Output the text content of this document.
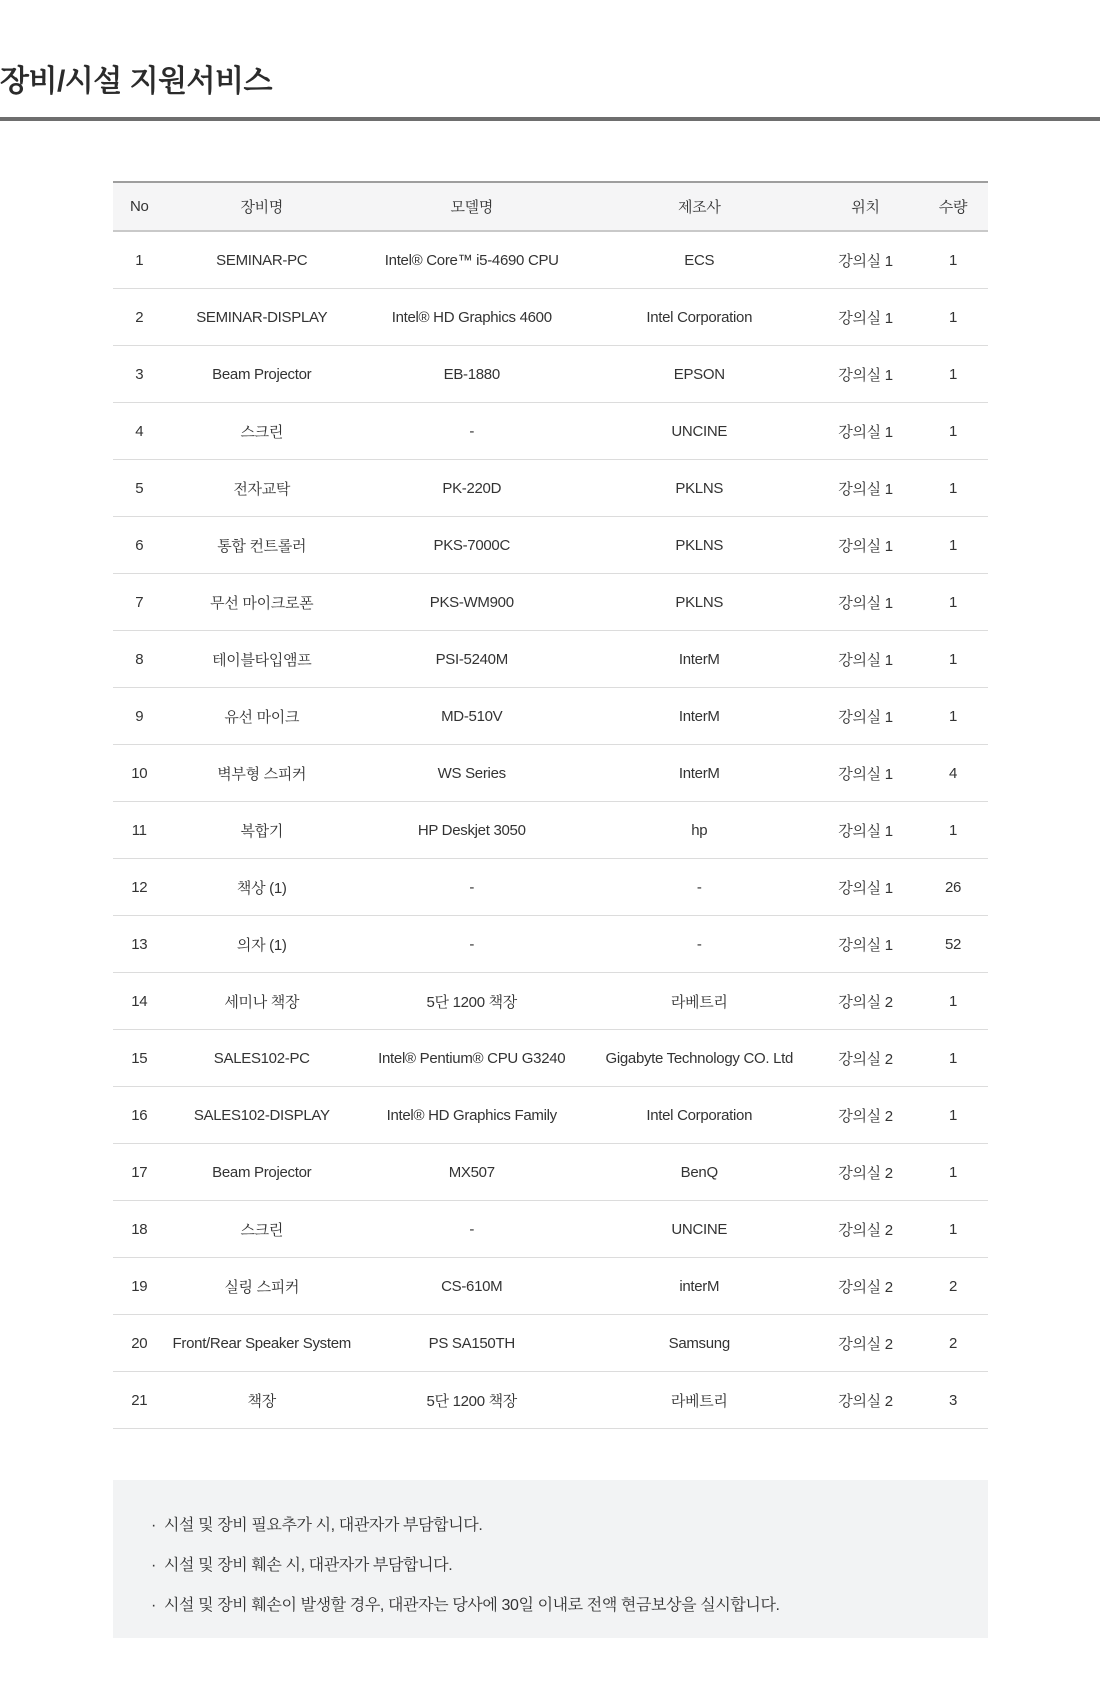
장비/시설 지원서비스
No	장비명	모델명	제조사	위치	수량
1	SEMINAR-PC	Intel® Core™ i5-4690 CPU	ECS	강의실 1	1
2	SEMINAR-DISPLAY	Intel® HD Graphics 4600	Intel Corporation	강의실 1	1
3	Beam Projector	EB-1880	EPSON	강의실 1	1
4	스크린	-	UNCINE	강의실 1	1
5	전자교탁	PK-220D	PKLNS	강의실 1	1
6	통합 컨트롤러	PKS-7000C	PKLNS	강의실 1	1
7	무선 마이크로폰	PKS-WM900	PKLNS	강의실 1	1
8	테이블타입앰프	PSI-5240M	InterM	강의실 1	1
9	유선 마이크	MD-510V	InterM	강의실 1	1
10	벽부형 스피커	WS Series	InterM	강의실 1	4
11	복합기	HP Deskjet 3050	hp	강의실 1	1
12	책상 (1)	-	-	강의실 1	26
13	의자 (1)	-	-	강의실 1	52
14	세미나 책장	5단 1200 책장	라베트리	강의실 2	1
15	SALES102-PC	Intel® Pentium® CPU G3240	Gigabyte Technology CO. Ltd	강의실 2	1
16	SALES102-DISPLAY	Intel® HD Graphics Family	Intel Corporation	강의실 2	1
17	Beam Projector	MX507	BenQ	강의실 2	1
18	스크린	-	UNCINE	강의실 2	1
19	실링 스피커	CS-610M	interM	강의실 2	2
20	Front/Rear Speaker System	PS SA150TH	Samsung	강의실 2	2
21	책장	5단 1200 책장	라베트리	강의실 2	3
· 시설 및 장비 필요추가 시, 대관자가 부담합니다.
· 시설 및 장비 훼손 시, 대관자가 부담합니다.
· 시설 및 장비 훼손이 발생할 경우, 대관자는 당사에 30일 이내로 전액 현금보상을 실시합니다.
